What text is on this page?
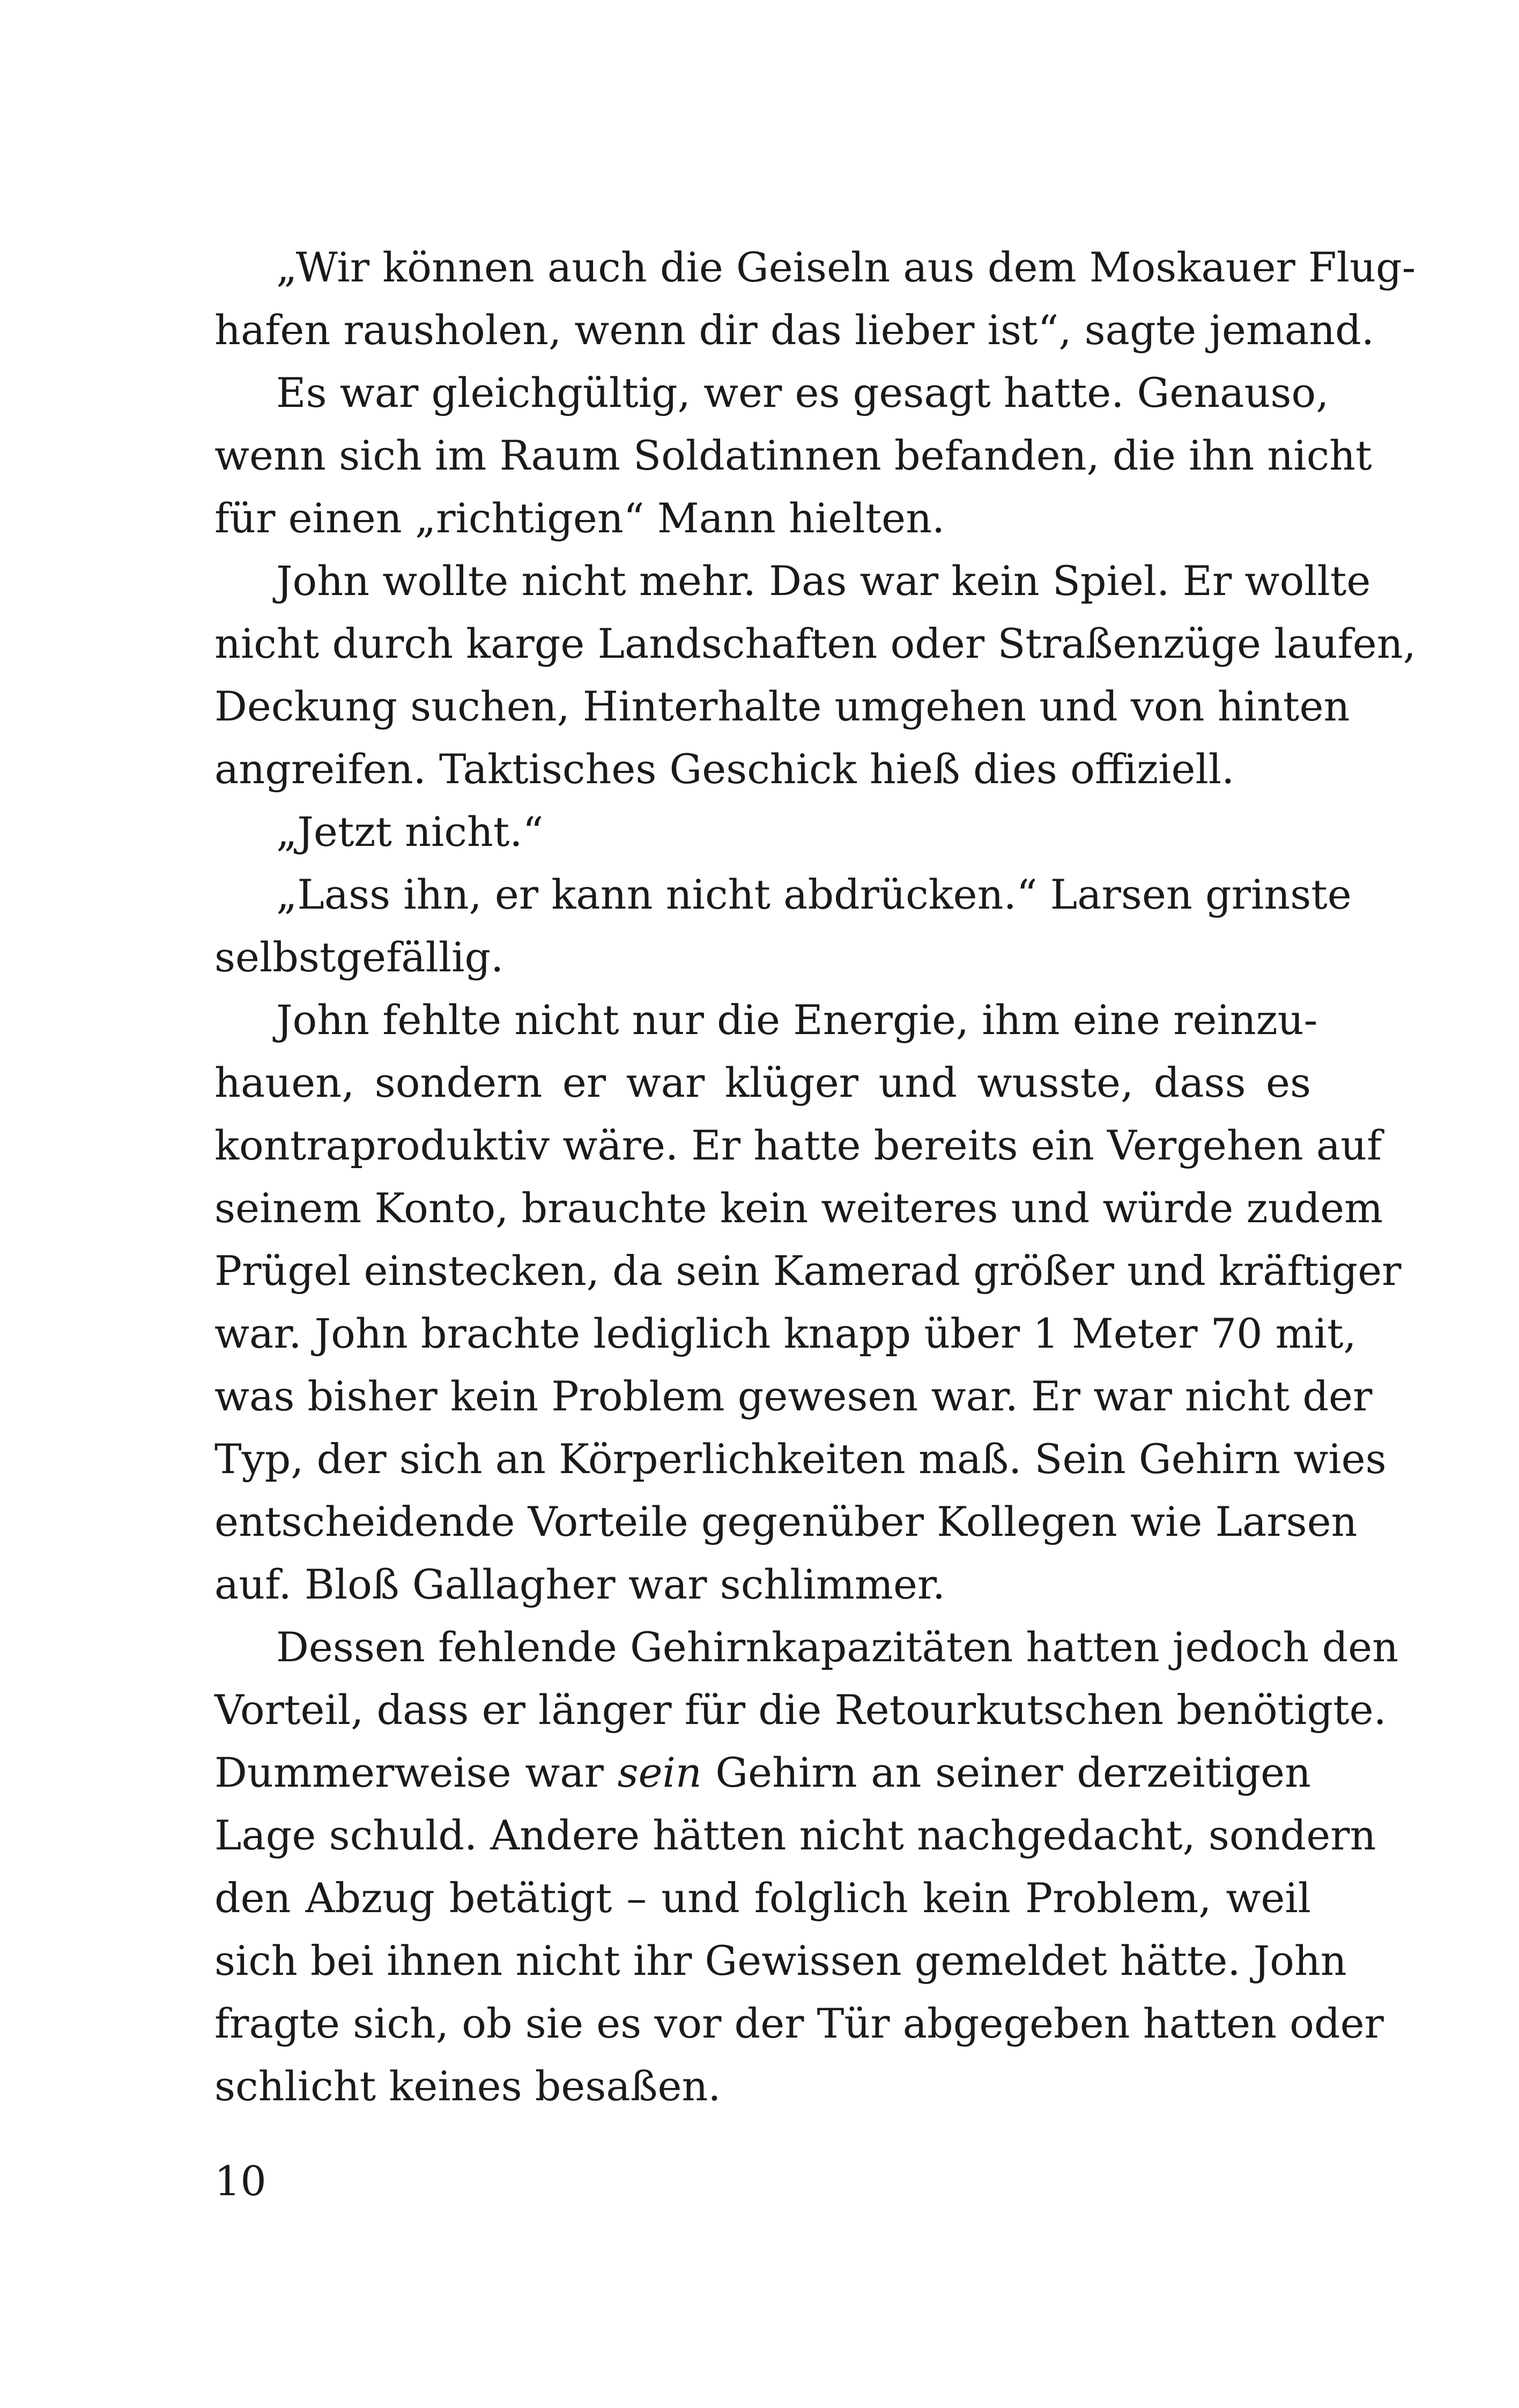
„Wir können auch die Geiseln aus dem Moskauer Flug-
hafen rausholen, wenn dir das lieber ist“, sagte jemand.

Es war gleichgültig, wer es gesagt hatte. Genauso,
wenn sich im Raum Soldatinnen befanden, die ihn nicht
für einen „richtigen“ Mann hielten.

John wollte nicht mehr. Das war kein Spiel. Er wollte
nicht durch karge Landschaften oder Straßenzüge laufen,
Deckung suchen, Hinterhalte umgehen und von hinten
angreifen. Taktisches Geschick hieß dies offiziell.

„Jetzt nicht.“

„Lass ihn, er kann nicht abdrücken.“ Larsen grinste
selbstgefällig.

John fehlte nicht nur die Energie, ihm eine reinzu-
hauen, sondern er war klüger und wusste, dass es
kontraproduktiv wäre. Er hatte bereits ein Vergehen auf
seinem Konto, brauchte kein weiteres und würde zudem
Prügel einstecken, da sein Kamerad größer und kräftiger
war. John brachte lediglich knapp über 1 Meter 70 mit,
was bisher kein Problem gewesen war. Er war nicht der
Typ, der sich an Körperlichkeiten maß. Sein Gehirn wies
entscheidende Vorteile gegenüber Kollegen wie Larsen
auf. Bloß Gallagher war schlimmer.

Dessen fehlende Gehirnkapazitäten hatten jedoch den
Vorteil, dass er länger für die Retourkutschen benötigte.
Dummerweise war sein Gehirn an seiner derzeitigen
Lage schuld. Andere hätten nicht nachgedacht, sondern
den Abzug betätigt – und folglich kein Problem, weil
sich bei ihnen nicht ihr Gewissen gemeldet hätte. John
fragte sich, ob sie es vor der Tür abgegeben hatten oder
schlicht keines besaßen.

10
